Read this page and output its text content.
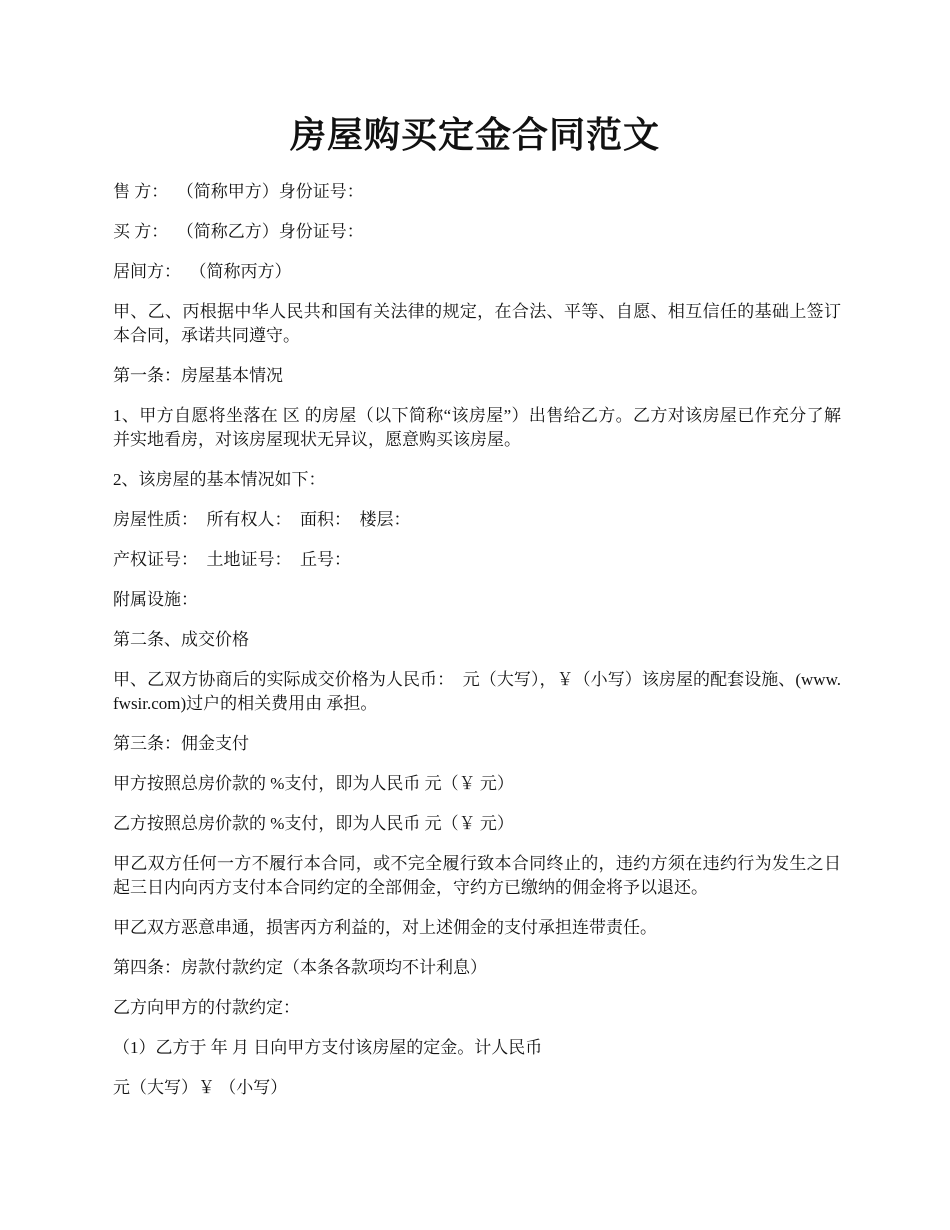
房屋购买定金合同范文

售 方：  （简称甲方）身份证号：

买 方：  （简称乙方）身份证号：

居间方：  （简称丙方）

甲、乙、丙根据中华人民共和国有关法律的规定，在合法、平等、自愿、相互信任的基础上签订本合同，承诺共同遵守。

第一条：房屋基本情况

1、甲方自愿将坐落在 区 的房屋（以下简称“该房屋”）出售给乙方。乙方对该房屋已作充分了解并实地看房，对该房屋现状无异议，愿意购买该房屋。

2、该房屋的基本情况如下：

房屋性质：  所有权人：  面积：  楼层：

产权证号：  土地证号：  丘号：

附属设施：

第二条、成交价格

甲、乙双方协商后的实际成交价格为人民币：  元（大写），￥（小写）该房屋的配套设施、(www.fwsir.com)过户的相关费用由 承担。

第三条：佣金支付

甲方按照总房价款的 %支付，即为人民币 元（￥ 元）

乙方按照总房价款的 %支付，即为人民币 元（￥ 元）

甲乙双方任何一方不履行本合同，或不完全履行致本合同终止的，违约方须在违约行为发生之日起三日内向丙方支付本合同约定的全部佣金，守约方已缴纳的佣金将予以退还。

甲乙双方恶意串通，损害丙方利益的，对上述佣金的支付承担连带责任。

第四条：房款付款约定（本条各款项均不计利息）

乙方向甲方的付款约定：

（1）乙方于 年 月 日向甲方支付该房屋的定金。计人民币

元（大写）￥ （小写）
